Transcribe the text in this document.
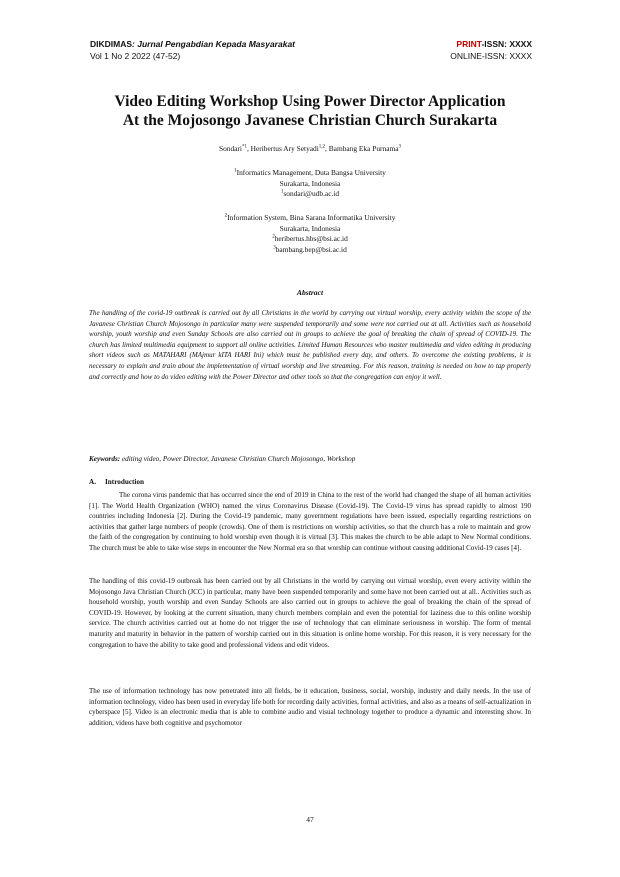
DIKDIMAS: Jurnal Pengabdian Kepada Masyarakat
Vol 1 No 2 2022 (47-52)
PRINT-ISSN: XXXX
ONLINE-ISSN: XXXX
Video Editing Workshop Using Power Director Application
At the Mojosongo Javanese Christian Church Surakarta
Sondari$^{*1}$, Heribertus Ary Setyadi$^{1,2}$, Bambang Eka Purnama$^3$
$^1$Informatics Management, Duta Bangsa University
Surakarta, Indonesia
$^1$sondari@udb.ac.id
$^2$Information System, Bina Sarana Informatika University
Surakarta, Indonesia
$^2$heribertus.hbs@bsi.ac.id
$^3$bambang.bep@bsi.ac.id
Abstract
The handling of the covid-19 outbreak is carried out by all Christians in the world by carrying out virtual worship, every activity within the scope of the Javanese Christian Church Mojosongo in particular many were suspended temporarily and some were not carried out at all. Activities such as household worship, youth worship and even Sunday Schools are also carried out in groups to achieve the goal of breaking the chain of spread of COVID-19. The church has limited multimedia equipment to support all online activities. Limited Human Resources who master multimedia and video editing in producing short videos such as MATAHARI (MAjmur kITA HARI Ini) which must be published every day, and others. To overcome the existing problems, it is necessary to explain and train about the implementation of virtual worship and live streaming. For this reason, training is needed on how to tap properly and correctly and how to do video editing with the Power Director and other tools so that the congregation can enjoy it well.
Keywords: editing video, Power Director, Javanese Christian Church Mojosongo, Workshop
A. Introduction
The corona virus pandemic that has occurred since the end of 2019 in China to the rest of the world had changed the shape of all human activities [1]. The World Health Organization (WHO) named the virus Coronavirus Disease (Covid-19). The Covid-19 virus has spread rapidly to almost 190 countries including Indonesia [2]. During the Covid-19 pandemic, many government regulations have been issued, especially regarding restrictions on activities that gather large numbers of people (crowds). One of them is restrictions on worship activities, so that the church has a role to maintain and grow the faith of the congregation by continuing to hold worship even though it is virtual [3]. This makes the church to be able adapt to New Normal conditions. The church must be able to take wise steps in encounter the New Normal era so that worship can continue without causing additional Covid-19 cases [4].
The handling of this covid-19 outbreak has been carried out by all Christians in the world by carrying out virtual worship, even every activity within the Mojosongo Java Christian Church (JCC) in particular, many have been suspended temporarily and some have not been carried out at all.. Activities such as household worship, youth worship and even Sunday Schools are also carried out in groups to achieve the goal of breaking the chain of the spread of COVID-19. However, by looking at the current situation, many church members complain and even the potential for laziness due to this online worship service. The church activities carried out at home do not trigger the use of technology that can eliminate seriousness in worship. The form of mental maturity and maturity in behavior in the pattern of worship carried out in this situation is online home worship. For this reason, it is very necessary for the congregation to have the ability to take good and professional videos and edit videos.
The use of information technology has now penetrated into all fields, be it education, business, social, worship, industry and daily needs. In the use of information technology, video has been used in everyday life both for recording daily activities, formal activities, and also as a means of self-actualization in cyberspace [5]. Video is an electronic media that is able to combine audio and visual technology together to produce a dynamic and interesting show. In addition, videos have both cognitive and psychomotor
47
